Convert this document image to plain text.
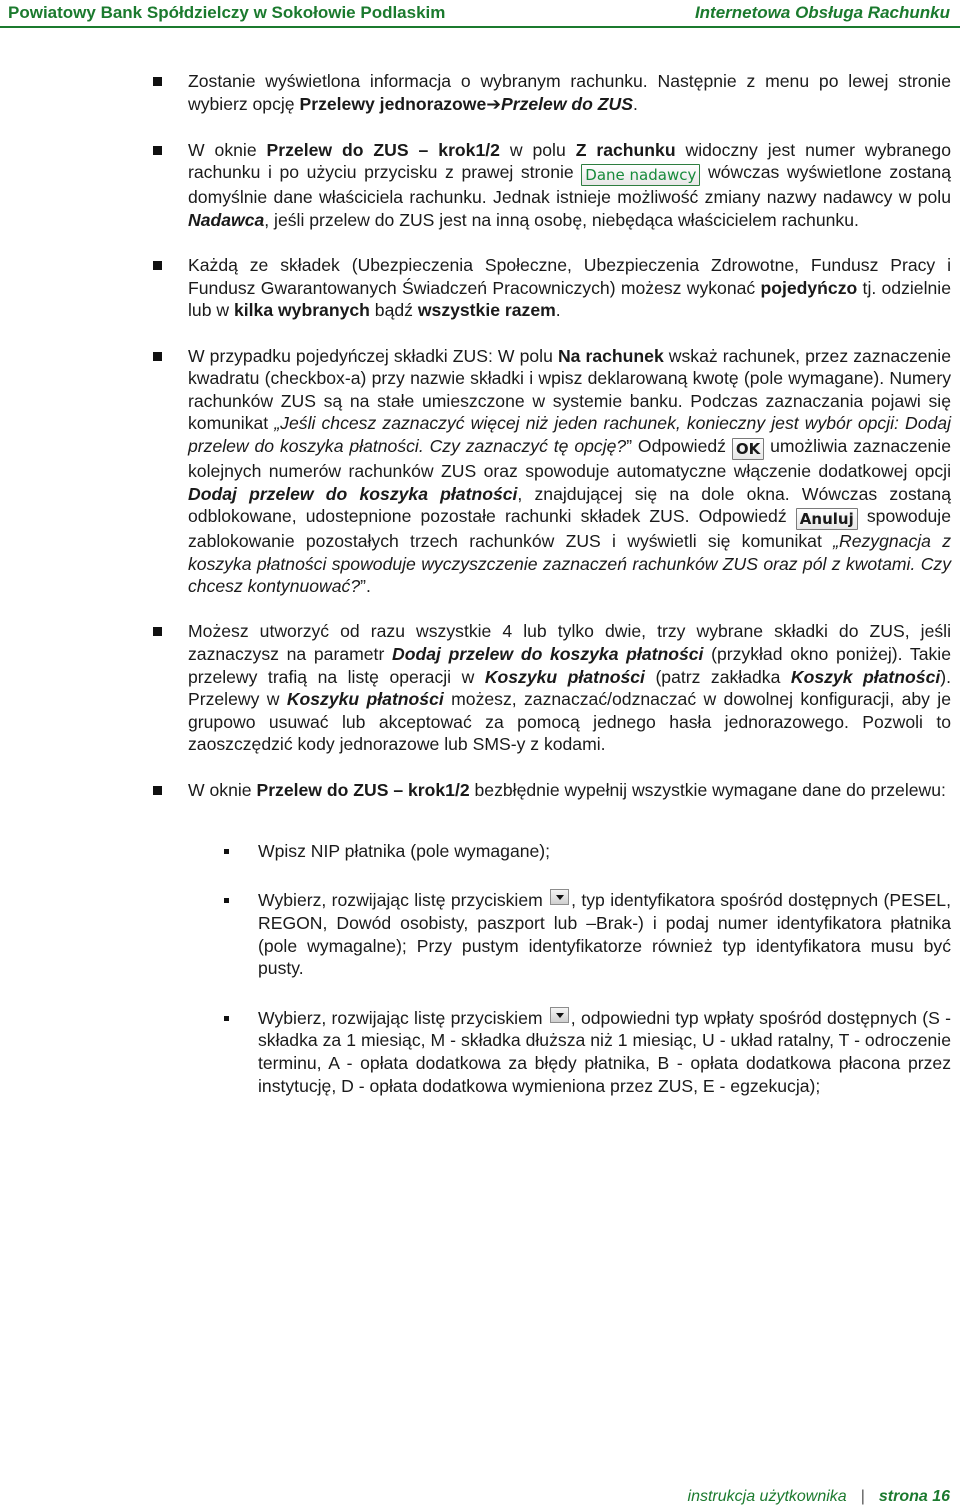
Powiatowy Bank Spółdzielczy w Sokołowie Podlaskim	Internetowa Obsługa Rachunku
Zostanie wyświetlona informacja o wybranym rachunku. Następnie z menu po lewej stronie wybierz opcję Przelewy jednorazowe➔Przelew do ZUS.
W oknie Przelew do ZUS – krok1/2 w polu Z rachunku widoczny jest numer wybranego rachunku i po użyciu przycisku z prawej stronie Dane nadawcy wówczas wyświetlone zostaną domyślnie dane właściciela rachunku. Jednak istnieje możliwość zmiany nazwy nadawcy w polu Nadawca, jeśli przelew do ZUS jest na inną osobę, niebędąca właścicielem rachunku.
Każdą ze składek (Ubezpieczenia Społeczne, Ubezpieczenia Zdrowotne, Fundusz Pracy i Fundusz Gwarantowanych Świadczeń Pracowniczych) możesz wykonać pojedyńczo tj. odzielnie lub w kilka wybranych bądź wszystkie razem.
W przypadku pojedyńczej składki ZUS: W polu Na rachunek wskaż rachunek, przez zaznaczenie kwadratu (checkbox-a) przy nazwie składki i wpisz deklarowaną kwotę (pole wymagane). Numery rachunków ZUS są na stałe umieszczone w systemie banku. Podczas zaznaczania pojawi się komunikat „Jeśli chcesz zaznaczyć więcej niż jeden rachunek, konieczny jest wybór opcji: Dodaj przelew do koszyka płatności. Czy zaznaczyć tę opcję?” Odpowiedź OK umożliwia zaznaczenie kolejnych numerów rachunków ZUS oraz spowoduje automatyczne włączenie dodatkowej opcji Dodaj przelew do koszyka płatności, znajdującej się na dole okna. Wówczas zostaną odblokowane, udostepnione pozostałe rachunki składek ZUS. Odpowiedź Anuluj spowoduje zablokowanie pozostałych trzech rachunków ZUS i wyświetli się komunikat „Rezygnacja z koszyka płatności spowoduje wyczyszczenie zaznaczeń rachunków ZUS oraz pól z kwotami. Czy chcesz kontynuować?”.
Możesz utworzyć od razu wszystkie 4 lub tylko dwie, trzy wybrane składki do ZUS, jeśli zaznaczysz na parametr Dodaj przelew do koszyka płatności (przykład okno poniżej). Takie przelewy trafią na listę operacji w Koszyku płatności (patrz zakładka Koszyk płatności). Przelewy w Koszyku płatności możesz, zaznaczać/odznaczać w dowolnej konfiguracji, aby je grupowo usuwać lub akceptować za pomocą jednego hasła jednorazowego. Pozwoli to zaoszczędzić kody jednorazowe lub SMS-y z kodami.
W oknie Przelew do ZUS – krok1/2 bezbłędnie wypełnij wszystkie wymagane dane do przelewu:
Wpisz NIP płatnika (pole wymagane);
Wybierz, rozwijając listę przyciskiem , typ identyfikatora spośród dostępnych (PESEL, REGON, Dowód osobisty, paszport lub –Brak-) i podaj numer identyfikatora płatnika (pole wymagalne); Przy pustym identyfikatorze również typ identyfikatora musu być pusty.
Wybierz, rozwijając listę przyciskiem , odpowiedni typ wpłaty spośród dostępnych (S -składka za 1 miesiąc, M - składka dłuższa niż 1 miesiąc, U - układ ratalny, T - odroczenie terminu, A - opłata dodatkowa za błędy płatnika, B - opłata dodatkowa płacona przez instytucję, D - opłata dodatkowa wymieniona przez ZUS, E - egzekucja);
instrukcja użytkownika | strona 16
